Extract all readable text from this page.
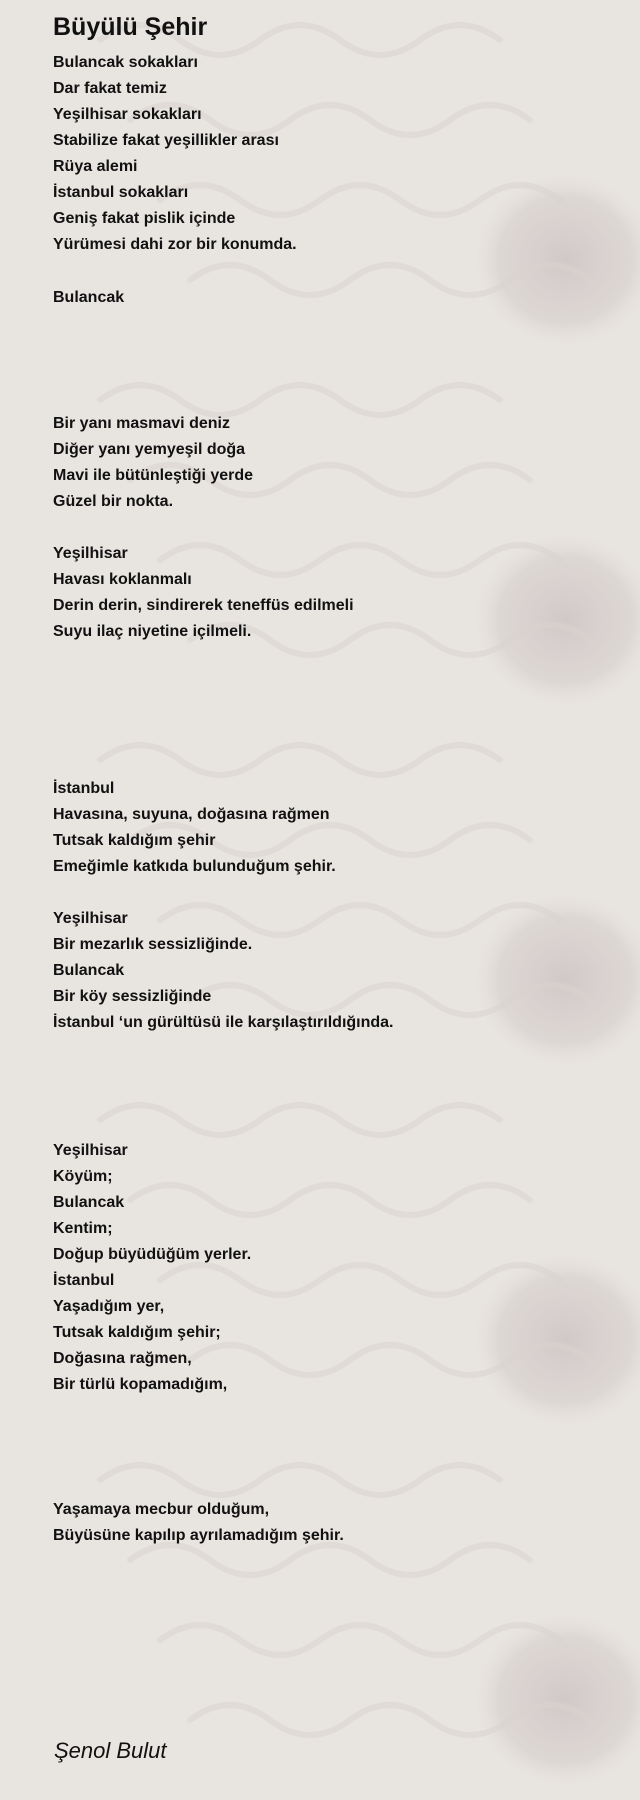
Büyülü Şehir
Bulancak sokakları
Dar fakat temiz
Yeşilhisar sokakları
Stabilize fakat yeşillikler arası
Rüya alemi
İstanbul sokakları
Geniş fakat pislik içinde
Yürümesi dahi zor bir konumda.
Bulancak
Bir yanı masmavi deniz
Diğer yanı yemyeşil doğa
Mavi ile bütünleştiği yerde
Güzel bir nokta.
Yeşilhisar
Havası koklanmalı
Derin derin, sindirerek teneffüs edilmeli
Suyu ilaç niyetine içilmeli.
İstanbul
Havasına, suyuna, doğasına rağmen
Tutsak kaldığım şehir
Emeğimle katkıda bulunduğum şehir.
Yeşilhisar
Bir mezarlık sessizliğinde.
Bulancak
Bir köy sessizliğinde
İstanbul ‘un gürültüsü ile karşılaştırıldığında.
Yeşilhisar
Köyüm;
Bulancak
Kentim;
Doğup büyüdüğüm yerler.
İstanbul
Yaşadığım yer,
Tutsak kaldığım şehir;
Doğasına rağmen,
Bir türlü kopamadığım,
Yaşamaya mecbur olduğum,
Büyüsüne kapılıp ayrılamadığım şehir.
Şenol Bulut
